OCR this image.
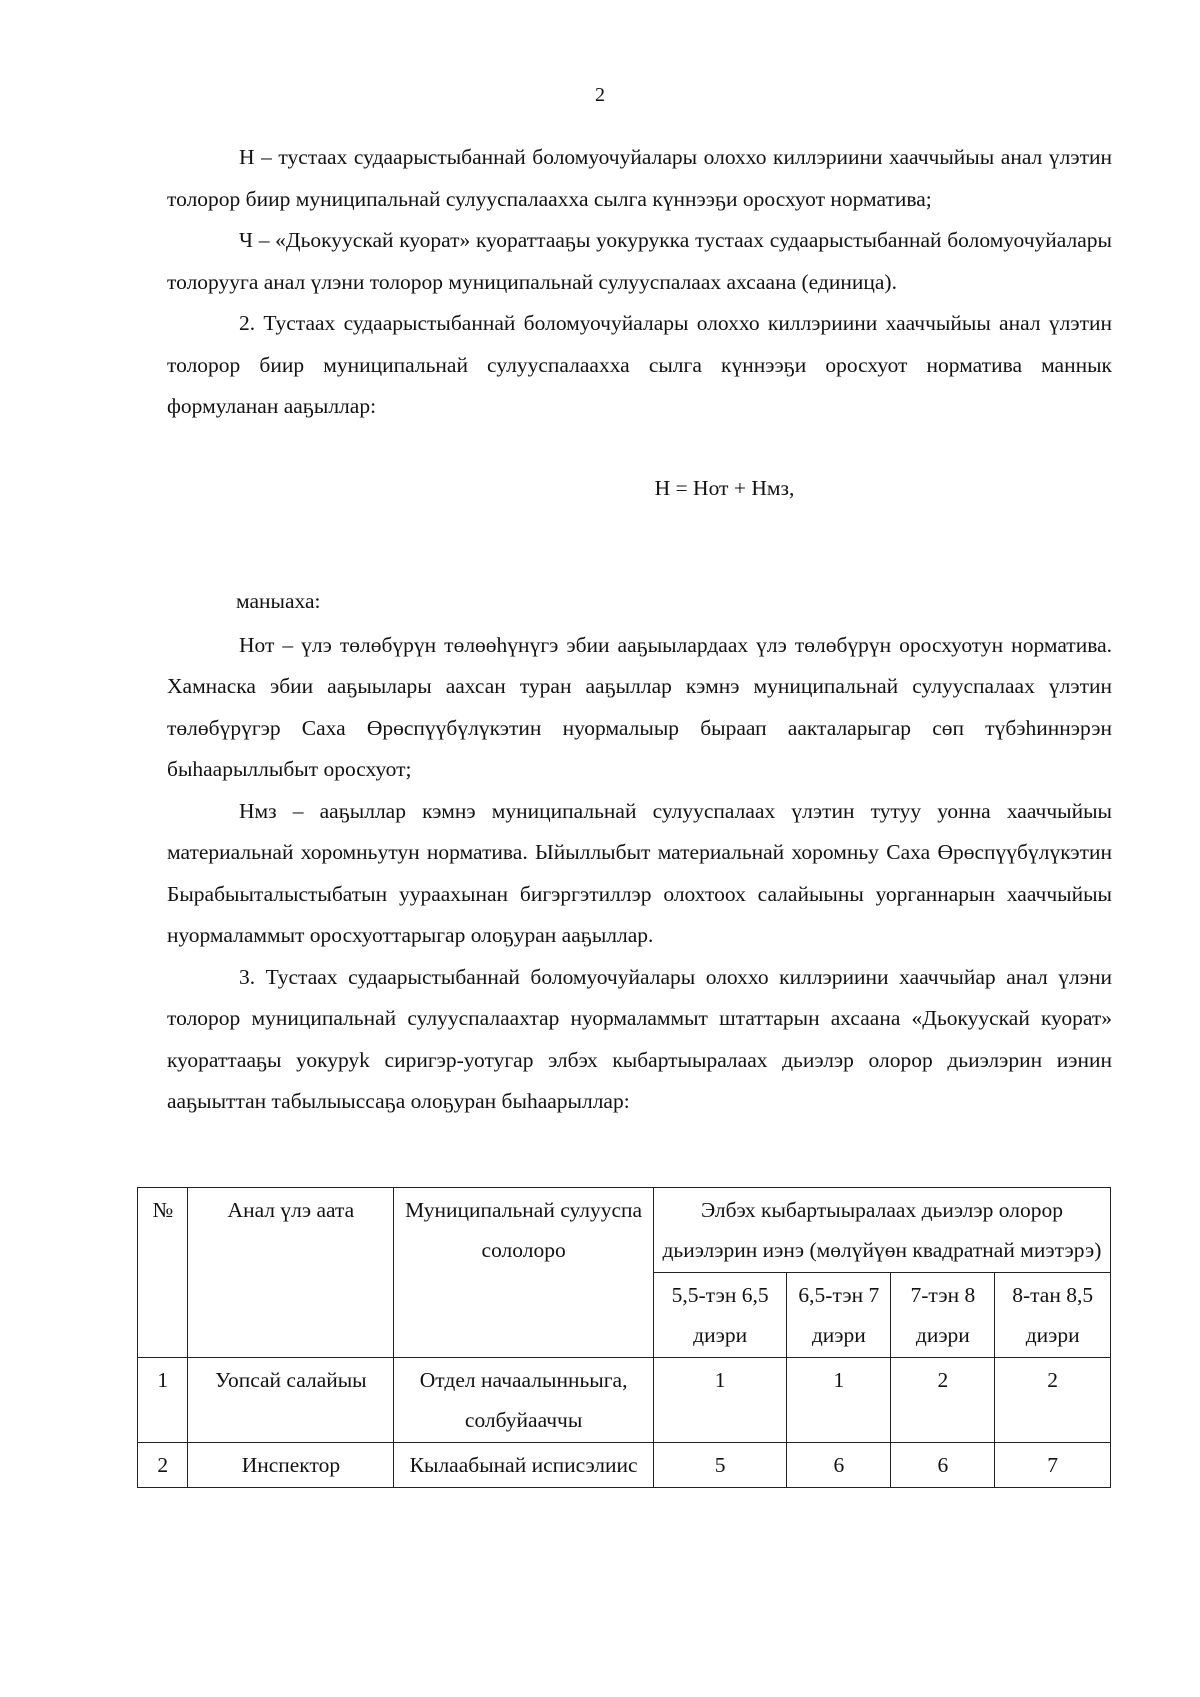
2

Н – тустаах судаарыстыбаннай боломуочуйалары олоххо киллэриини хааччыйыы анал үлэтин толорор биир муниципальнай сулууспалаахха сылга күннээҕи оросхуот норматива;

Ч – «Дьокуускай куорат» куораттааҕы уокурукка тустаах судаарыстыбаннай боломуочуйалары толорууга анал үлэни толорор муниципальнай сулууспалаах ахсаана (единица).

2. Тустаах судаарыстыбаннай боломуочуйалары олоххо киллэриини хааччыйыы анал үлэтин толорор биир муниципальнай сулууспалаахха сылга күннээҕи оросхуот норматива маннык формуланан ааҕыллар:

Н = Нот + Нмз,

маныаха:

Нот – үлэ төлөбүрүн төлөөһүнүгэ эбии ааҕыылардаах үлэ төлөбүрүн оросхуотун норматива. Хамнаска эбии ааҕыылары аахсан туран ааҕыллар кэмнэ муниципальнай сулууспалаах үлэтин төлөбүрүгэр Саха Өрөспүүбүлүкэтин нуормалыыр быраап аакталарыгар сөп түбэһиннэрэн быһаарыллыбыт оросхуот;

Нмз – ааҕыллар кэмнэ муниципальнай сулууспалаах үлэтин тутуу уонна хааччыйыы материальнай хоромньутун норматива. Ыйыллыбыт материальнай хоромньу Саха Өрөспүүбүлүкэтин Бырабыыталыстыбатын уураахынан бигэргэтиллэр олохтоох салайыыны уорганнарын хааччыйыы нуормаламмыт оросхуоттарыгар олоҕуран ааҕыллар.

3. Тустаах судаарыстыбаннай боломуочуйалары олоххо киллэриини хааччыйар анал үлэни толорор муниципальнай сулууспалаахтар нуормаламмыт штаттарын ахсаана «Дьокуускай куорат» куораттааҕы уокуруk сиригэр-уотугар элбэх кыбартыыралаах дьиэлэр олорор дьиэлэрин иэнин ааҕыыттан табылыыссаҕа олоҕуран быһаарыллар:

№	Анал үлэ аата	Муниципальнай сулууспа сололоро	Элбэх кыбартыыралаах дьиэлэр олорор дьиэлэрин иэнэ (мөлүйүөн квадратнай миэтэрэ)			
			5,5-тэн 6,5 диэри	6,5-тэн 7 диэри	7-тэн 8 диэри	8-тан 8,5 диэри
1	Уопсай салайыы	Отдел начаалынньыга, солбуйааччы	1	1	2	2
2	Инспектор	Кылаабынай исписэлиис	5	6	6	7
